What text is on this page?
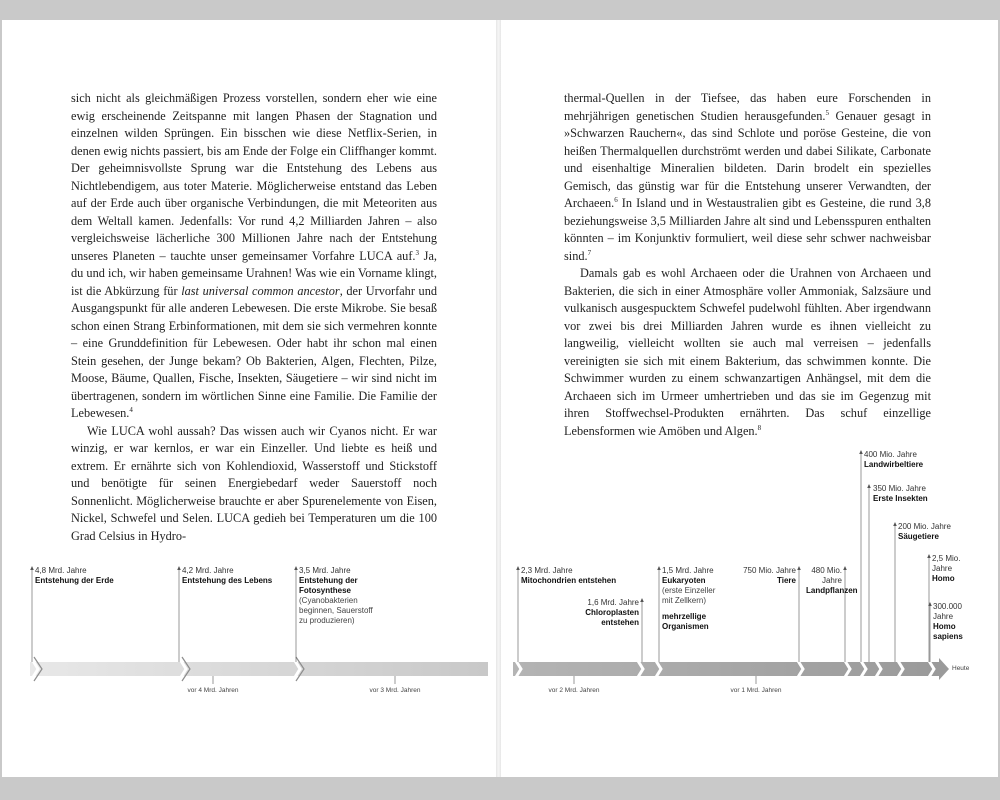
sich nicht als gleichmäßigen Prozess vorstellen, sondern eher wie eine ewig erscheinende Zeitspanne mit langen Phasen der Stagnation und einzelnen wilden Sprüngen. Ein bisschen wie diese Netflix-Serien, in denen ewig nichts passiert, bis am Ende der Folge ein Cliffhanger kommt. Der geheimnisvollste Sprung war die Entstehung des Lebens aus Nichtlebendigem, aus toter Materie. Möglicherweise entstand das Leben auf der Erde auch über organische Verbindungen, die mit Meteoriten aus dem Weltall kamen. Jedenfalls: Vor rund 4,2 Milliarden Jahren – also vergleichsweise lächerliche 300 Millionen Jahre nach der Entstehung unseres Planeten – tauchte unser gemeinsamer Vorfahre LUCA auf.$^3$ Ja, du und ich, wir haben gemeinsame Urahnen! Was wie ein Vorname klingt, ist die Abkürzung für last universal common ancestor, der Urvorfahr und Ausgangspunkt für alle anderen Lebewesen. Die erste Mikrobe. Sie besaß schon einen Strang Erbinformationen, mit dem sie sich vermehren konnte – eine Grunddefinition für Lebewesen. Oder habt ihr schon mal einen Stein gesehen, der Junge bekam? Ob Bakterien, Algen, Flechten, Pilze, Moose, Bäume, Quallen, Fische, Insekten, Säugetiere – wir sind nicht im übertragenen, sondern im wörtlichen Sinne eine Familie. Die Familie der Lebewesen.$^4$

Wie LUCA wohl aussah? Das wissen auch wir Cyanos nicht. Er war winzig, er war kernlos, er war ein Einzeller. Und liebte es heiß und extrem. Er ernährte sich von Kohlendioxid, Wasserstoff und Stickstoff und benötigte für seinen Energiebedarf weder Sauerstoff noch Sonnenlicht. Möglicherweise brauchte er aber Spurenelemente von Eisen, Nickel, Schwefel und Selen. LUCA gedieh bei Temperaturen um die 100 Grad Celsius in Hydro-

4,8 Mrd. Jahre
Entstehung der Erde
4,2 Mrd. Jahre
Entstehung des Lebens
3,5 Mrd. Jahre
Entstehung der Fotosynthese
(Cyanobakterien beginnen, Sauerstoff zu produzieren)
vor 4 Mrd. Jahren	vor 3 Mrd. Jahren

thermal-Quellen in der Tiefsee, das haben eure Forschenden in mehrjährigen genetischen Studien herausgefunden.$^5$ Genauer gesagt in »Schwarzen Rauchern«, das sind Schlote und poröse Gesteine, die von heißen Thermalquellen durchströmt werden und dabei Silikate, Carbonate und eisenhaltige Mineralien bildeten. Darin brodelt ein spezielles Gemisch, das günstig war für die Entstehung unserer Verwandten, der Archaeen.$^6$ In Island und in Westaustralien gibt es Gesteine, die rund 3,8 beziehungsweise 3,5 Milliarden Jahre alt sind und Lebensspuren enthalten könnten – im Konjunktiv formuliert, weil diese sehr schwer nachweisbar sind.$^7$

Damals gab es wohl Archaeen oder die Urahnen von Archaeen und Bakterien, die sich in einer Atmosphäre voller Ammoniak, Salzsäure und vulkanisch ausgespucktem Schwefel pudelwohl fühlten. Aber irgendwann vor zwei bis drei Milliarden Jahren wurde es ihnen vielleicht zu langweilig, vielleicht wollten sie auch mal verreisen – jedenfalls vereinigten sie sich mit einem Bakterium, das schwimmen konnte. Die Schwimmer wurden zu einem schwanzartigen Anhängsel, mit dem die Archaeen sich im Urmeer umhertrieben und das sie im Gegenzug mit ihren Stoffwechsel-Produkten ernährten. Das schuf einzellige Lebensformen wie Amöben und Algen.$^8$

2,3 Mrd. Jahre
Mitochondrien entstehen
1,6 Mrd. Jahre
Chloroplasten entstehen
1,5 Mrd. Jahre
Eukaryoten
(erste Einzeller mit Zellkern)
mehrzellige Organismen
750 Mio. Jahre
Tiere
480 Mio. Jahre
Landpflanzen
400 Mio. Jahre
Landwirbeltiere
350 Mio. Jahre
Erste Insekten
200 Mio. Jahre
Säugetiere
2,5 Mio. Jahre
Homo
300.000 Jahre
Homo sapiens
vor 2 Mrd. Jahren	vor 1 Mrd. Jahren
Heute
